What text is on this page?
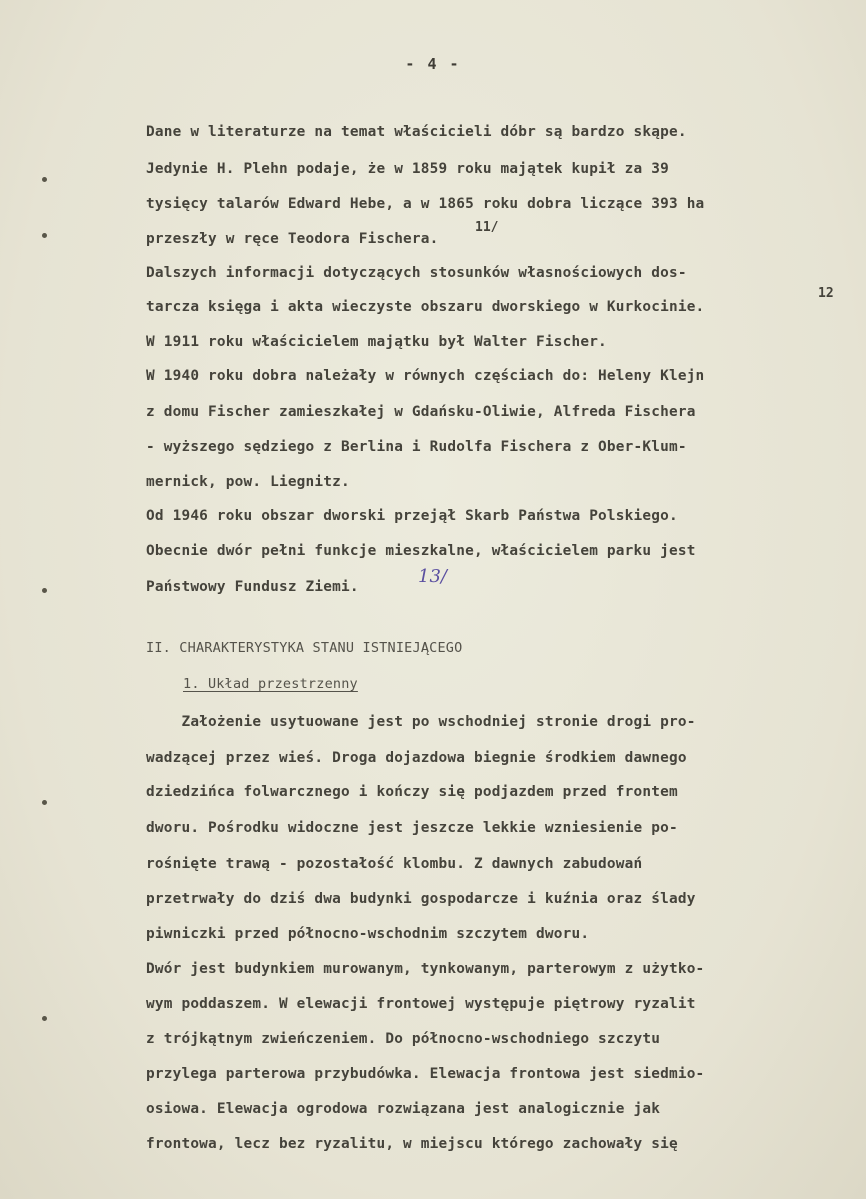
- 4 -
Dane w literaturze na temat właścicieli dóbr są bardzo skąpe.
Jedynie H. Plehn podaje, że w 1859 roku majątek kupił za 39
tysięcy talarów Edward Hebe, a w 1865 roku dobra liczące 393 ha
przeszły w ręce Teodora Fischera.
11/
Dalszych informacji dotyczących stosunków własnościowych dos-
tarcza księga i akta wieczyste obszaru dworskiego w Kurkocinie.
12
W 1911 roku właścicielem majątku był Walter Fischer.
W 1940 roku dobra należały w równych częściach do: Heleny Klejn
z domu Fischer zamieszkałej w Gdańsku-Oliwie, Alfreda Fischera
- wyższego sędziego z Berlina i Rudolfa Fischera z Ober-Klum-
mernick, pow. Liegnitz.
Od 1946 roku obszar dworski przejął Skarb Państwa Polskiego.
Obecnie dwór pełni funkcje mieszkalne, właścicielem parku jest
Państwowy Fundusz Ziemi.	13/
II. CHARAKTERYSTYKA STANU ISTNIEJĄCEGO
1. Układ przestrzenny
Założenie usytuowane jest po wschodniej stronie drogi pro-
wadzącej przez wieś. Droga dojazdowa biegnie środkiem dawnego
dziedzińca folwarcznego i kończy się podjazdem przed frontem
dworu. Pośrodku widoczne jest jeszcze lekkie wzniesienie po-
rośnięte trawą - pozostałość klombu. Z dawnych zabudowań
przetrwały do dziś dwa budynki gospodarcze i kuźnia oraz ślady
piwniczki przed północno-wschodnim szczytem dworu.
Dwór jest budynkiem murowanym, tynkowanym, parterowym z użytko-
wym poddaszem. W elewacji frontowej występuje piętrowy ryzalit
z trójkątnym zwieńczeniem. Do północno-wschodniego szczytu
przylega parterowa przybudówka. Elewacja frontowa jest siedmio-
osiowa. Elewacja ogrodowa rozwiązana jest analogicznie jak
frontowa, lecz bez ryzalitu, w miejscu którego zachowały się
